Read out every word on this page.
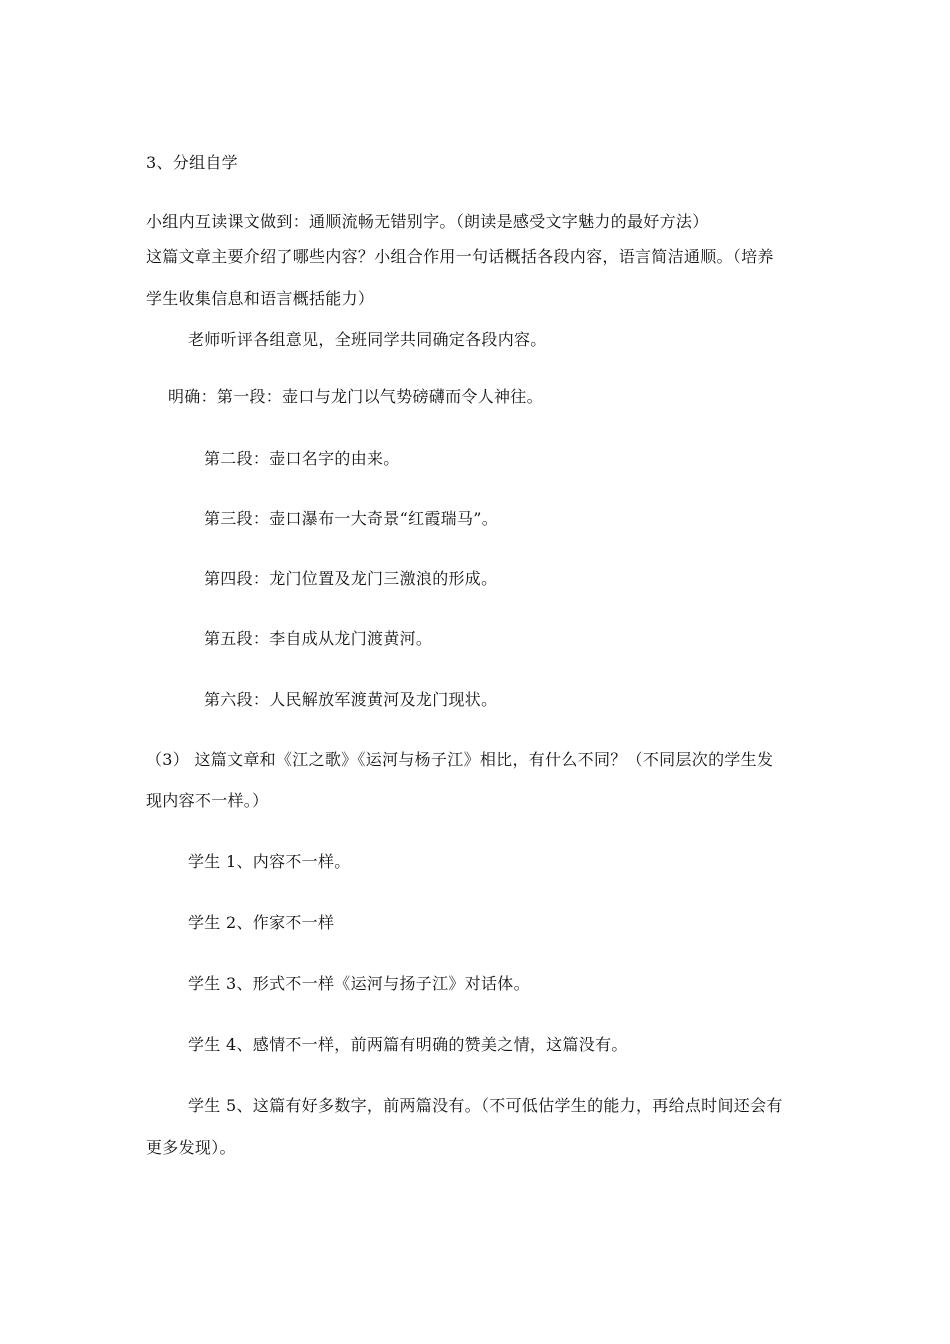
3、分组自学
小组内互读课文做到：通顺流畅无错别字。（朗读是感受文字魅力的最好方法）
这篇文章主要介绍了哪些内容？小组合作用一句话概括各段内容，语言简洁通顺。（培养
学生收集信息和语言概括能力）
老师听评各组意见，全班同学共同确定各段内容。
明确：第一段：壶口与龙门以气势磅礴而令人神往。
第二段：壶口名字的由来。
第三段：壶口瀑布一大奇景“红霞瑞马”。
第四段：龙门位置及龙门三激浪的形成。
第五段：李自成从龙门渡黄河。
第六段：人民解放军渡黄河及龙门现状。
（3） 这篇文章和《江之歌》《运河与杨子江》相比，有什么不同？（不同层次的学生发
现内容不一样。）
学生 1、内容不一样。
学生 2、作家不一样
学生 3、形式不一样《运河与扬子江》对话体。
学生 4、感情不一样，前两篇有明确的赞美之情，这篇没有。
学生 5、这篇有好多数字，前两篇没有。（不可低估学生的能力，再给点时间还会有
更多发现）。
